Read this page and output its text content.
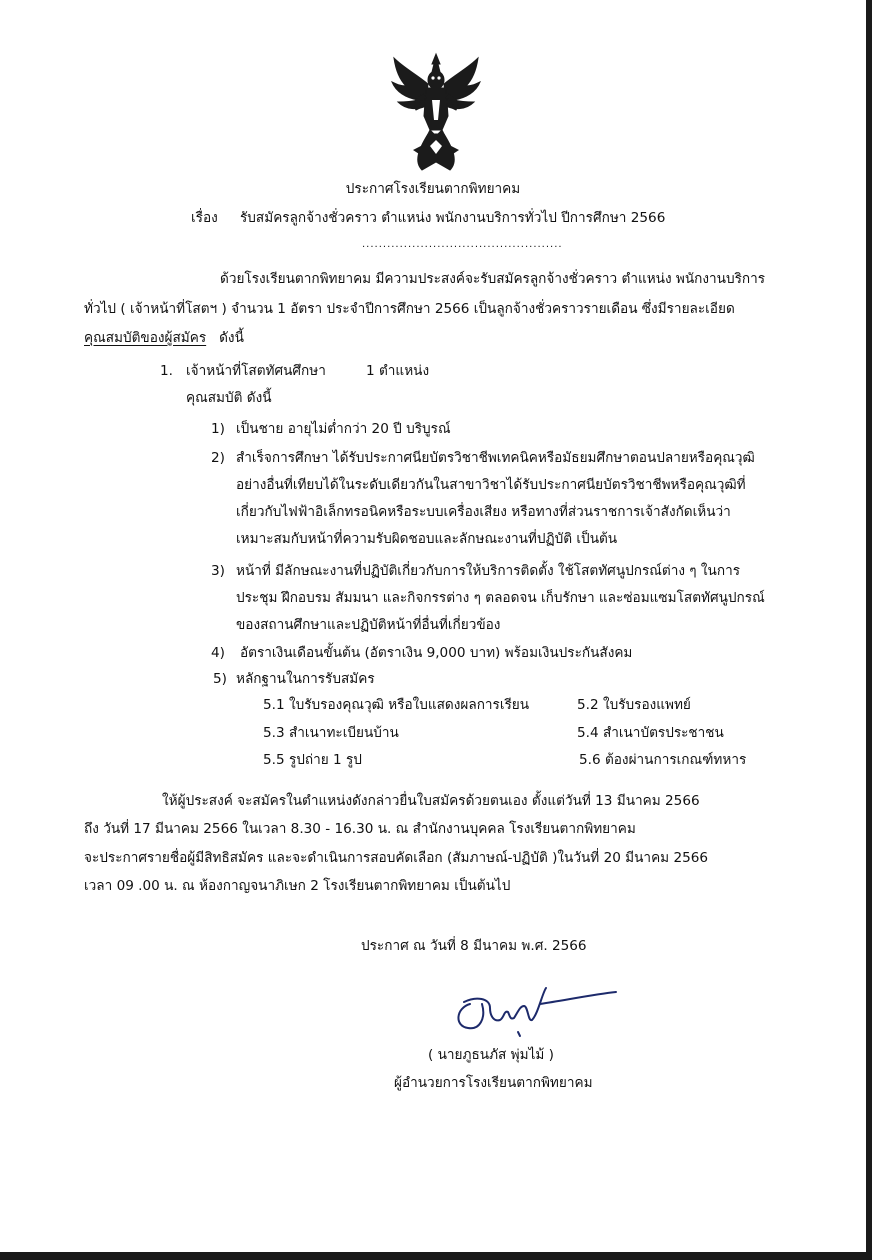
ประกาศโรงเรียนตากพิทยาคม
เรื่อง รับสมัครลูกจ้างชั่วคราว ตำแหน่ง พนักงานบริการทั่วไป ปีการศึกษา 2566
................................................
ด้วยโรงเรียนตากพิทยาคม มีความประสงค์จะรับสมัครลูกจ้างชั่วคราว ตำแหน่ง พนักงานบริการ
ทั่วไป ( เจ้าหน้าที่โสตฯ ) จำนวน 1 อัตรา ประจำปีการศึกษา 2566 เป็นลูกจ้างชั่วคราวรายเดือน ซึ่งมีรายละเอียด
คุณสมบัติของผู้สมัคร ดังนี้
1. เจ้าหน้าที่โสตทัศนศึกษา	1 ตำแหน่ง
คุณสมบัติ ดังนี้
1) เป็นชาย อายุไม่ต่ำกว่า 20 ปี บริบูรณ์
2) สำเร็จการศึกษา ได้รับประกาศนียบัตรวิชาชีพเทคนิคหรือมัธยมศึกษาตอนปลายหรือคุณวุฒิ
อย่างอื่นที่เทียบได้ในระดับเดียวกันในสาขาวิชาได้รับประกาศนียบัตรวิชาชีพหรือคุณวุฒิที่
เกี่ยวกับไฟฟ้าอิเล็กทรอนิคหรือระบบเครื่องเสียง หรือทางที่ส่วนราชการเจ้าสังกัดเห็นว่า
เหมาะสมกับหน้าที่ความรับผิดชอบและลักษณะงานที่ปฏิบัติ เป็นต้น
3) หน้าที่ มีลักษณะงานที่ปฏิบัติเกี่ยวกับการให้บริการติดตั้ง ใช้โสตทัศนูปกรณ์ต่าง ๆ ในการ
ประชุม ฝึกอบรม สัมมนา และกิจกรรต่าง ๆ ตลอดจน เก็บรักษา และซ่อมแซมโสตทัศนูปกรณ์
ของสถานศึกษาและปฏิบัติหน้าที่อื่นที่เกี่ยวข้อง
4) อัตราเงินเดือนขั้นต้น (อัตราเงิน 9,000 บาท) พร้อมเงินประกันสังคม
5) หลักฐานในการรับสมัคร
5.1 ใบรับรองคุณวุฒิ หรือใบแสดงผลการเรียน	5.2 ใบรับรองแพทย์
5.3 สำเนาทะเบียนบ้าน	5.4 สำเนาบัตรประชาชน
5.5 รูปถ่าย 1 รูป	5.6 ต้องผ่านการเกณฑ์ทหาร
ให้ผู้ประสงค์ จะสมัครในตำแหน่งดังกล่าวยื่นใบสมัครด้วยตนเอง ตั้งแต่วันที่ 13 มีนาคม 2566
ถึง วันที่ 17 มีนาคม 2566 ในเวลา 8.30 - 16.30 น. ณ สำนักงานบุคคล โรงเรียนตากพิทยาคม
จะประกาศรายชื่อผู้มีสิทธิสมัคร และจะดำเนินการสอบคัดเลือก (สัมภาษณ์-ปฏิบัติ )ในวันที่ 20 มีนาคม 2566
เวลา 09 .00 น. ณ ห้องกาญจนาภิเษก 2 โรงเรียนตากพิทยาคม เป็นต้นไป
ประกาศ ณ วันที่ 8 มีนาคม พ.ศ. 2566
( นายภูธนภัส พุ่มไม้ )
ผู้อำนวยการโรงเรียนตากพิทยาคม
